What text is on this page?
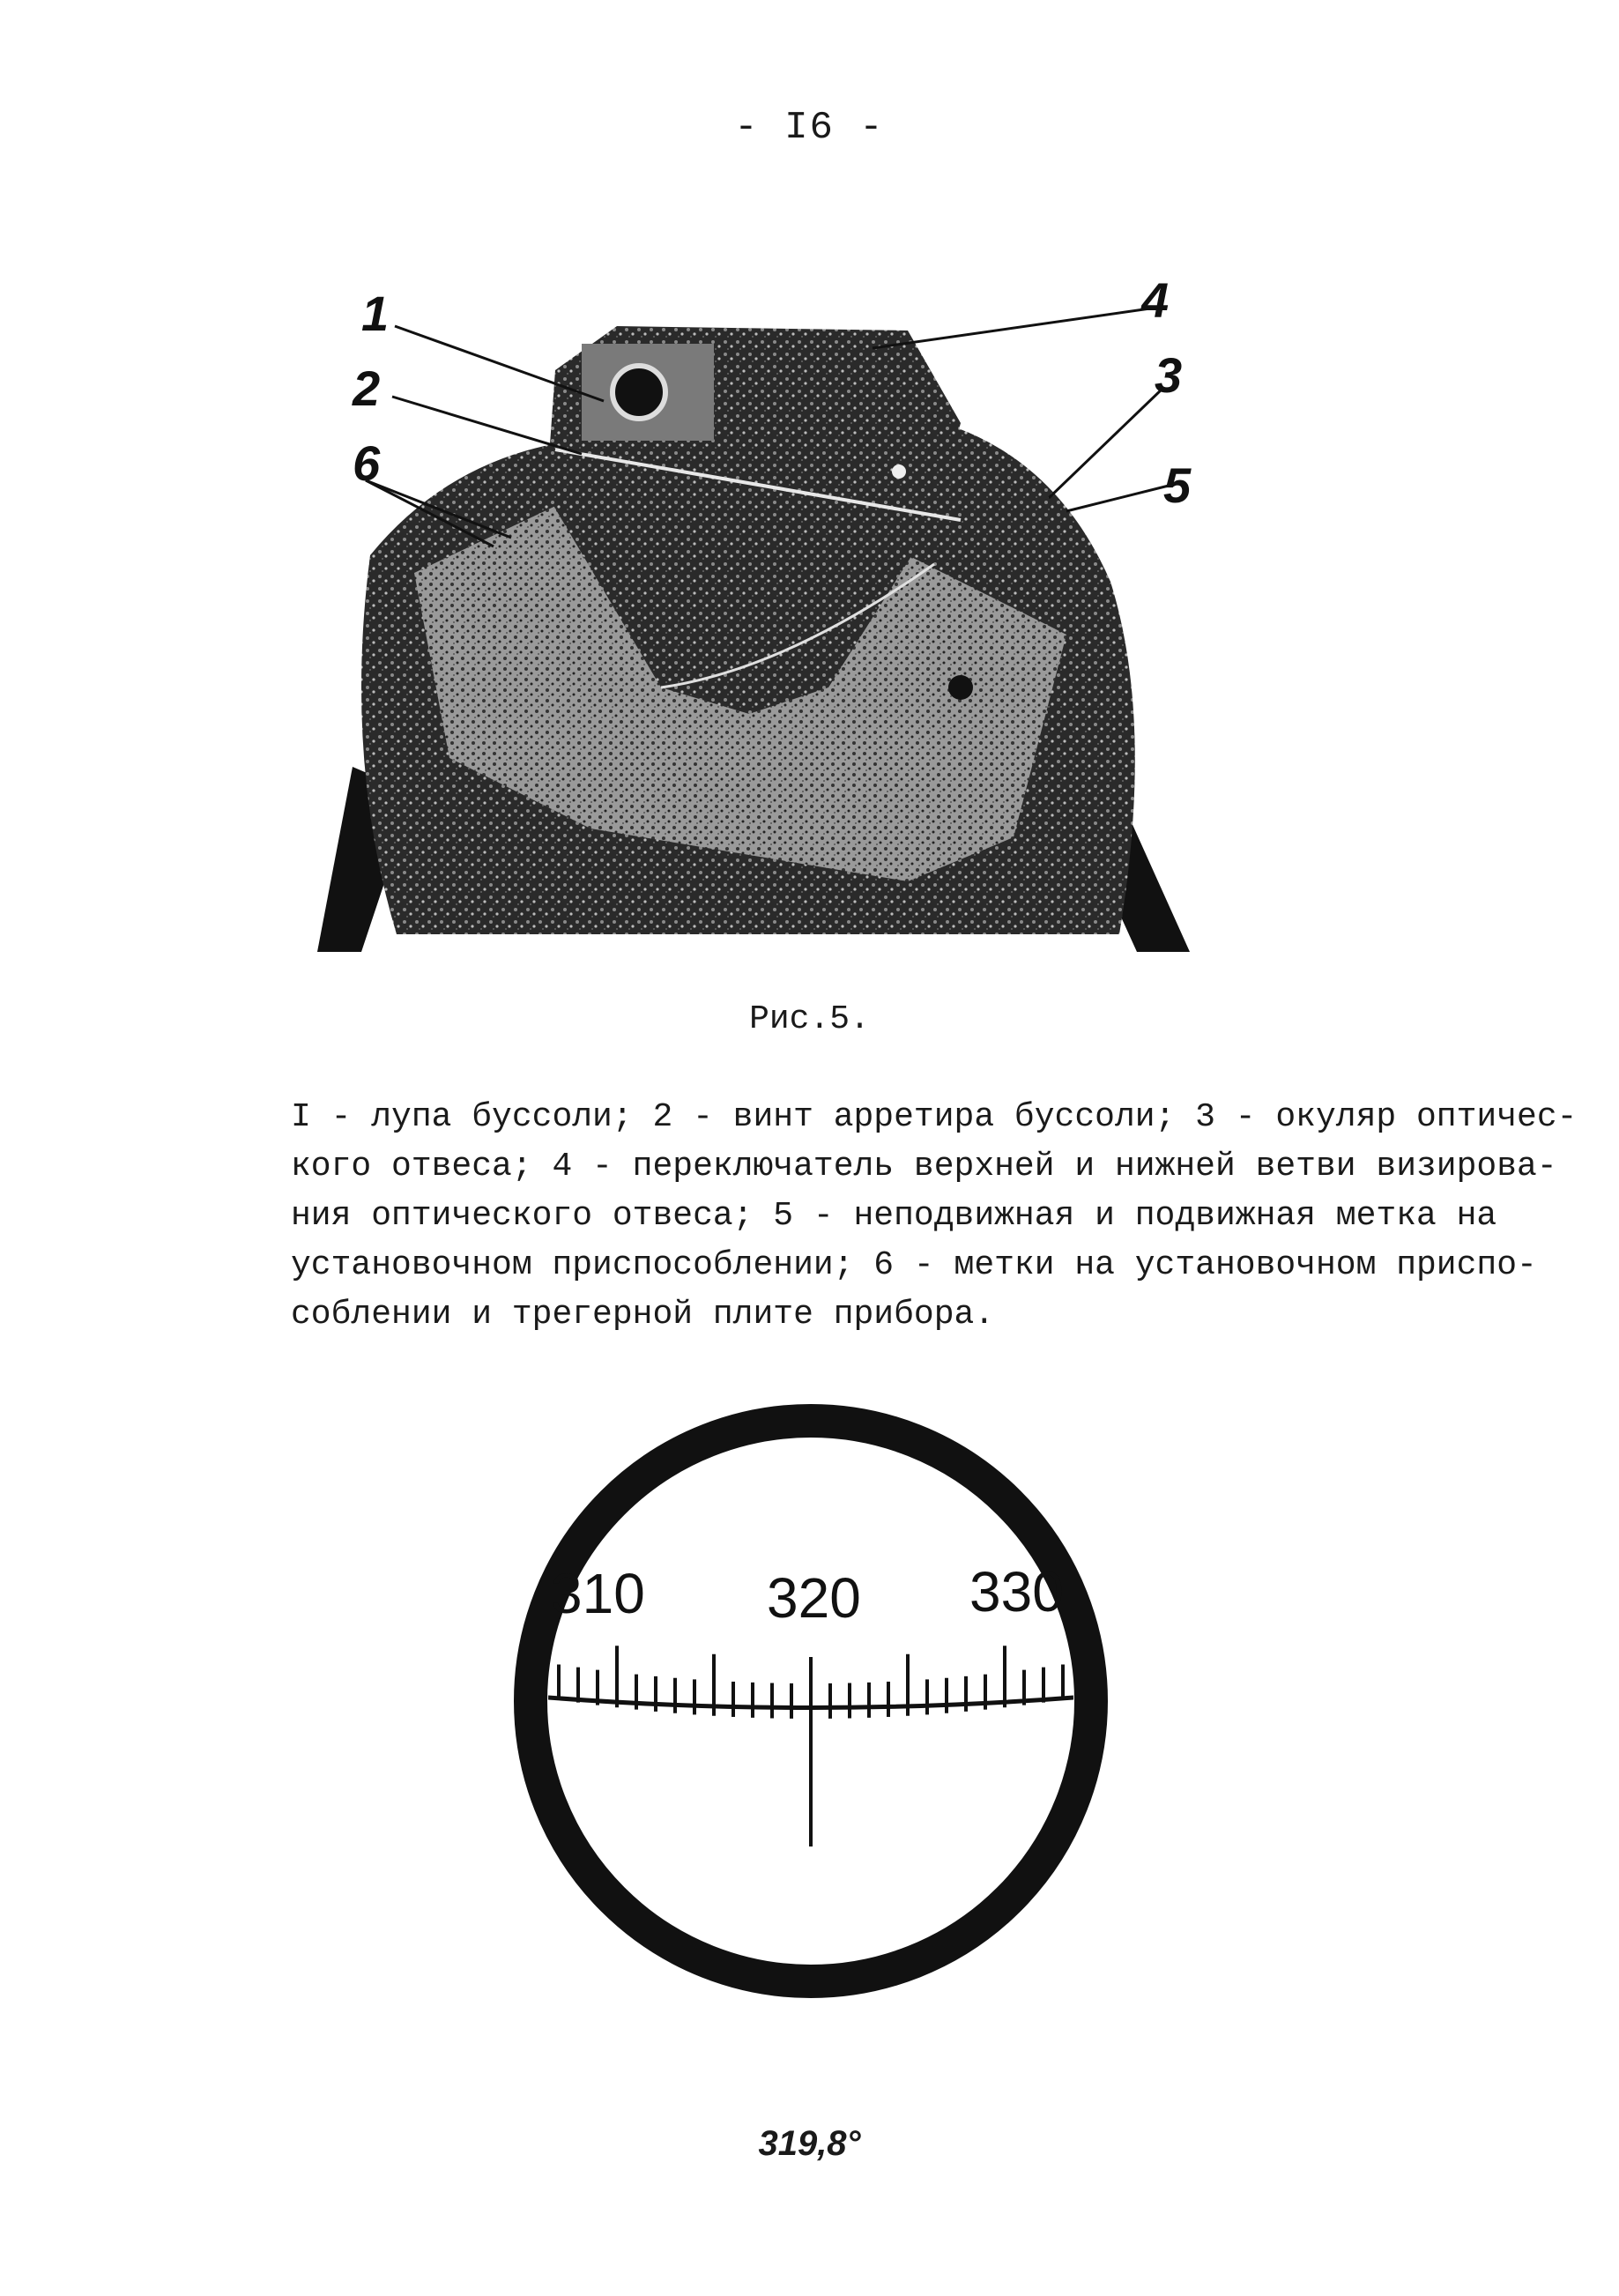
- I6 -
1
2
6
4
3
5
Рис.5.
I - лупа буссоли; 2 - винт арретира буссоли; 3 - окуляр оптичес-
кого отвеса; 4 - переключатель верхней и нижней ветви визирова-
ния оптического отвеса; 5 - неподвижная и подвижная метка на
установочном приспособлении; 6 - метки на установочном приспо-
соблении и трегерной плите прибора.
310 320 330
319,8°
